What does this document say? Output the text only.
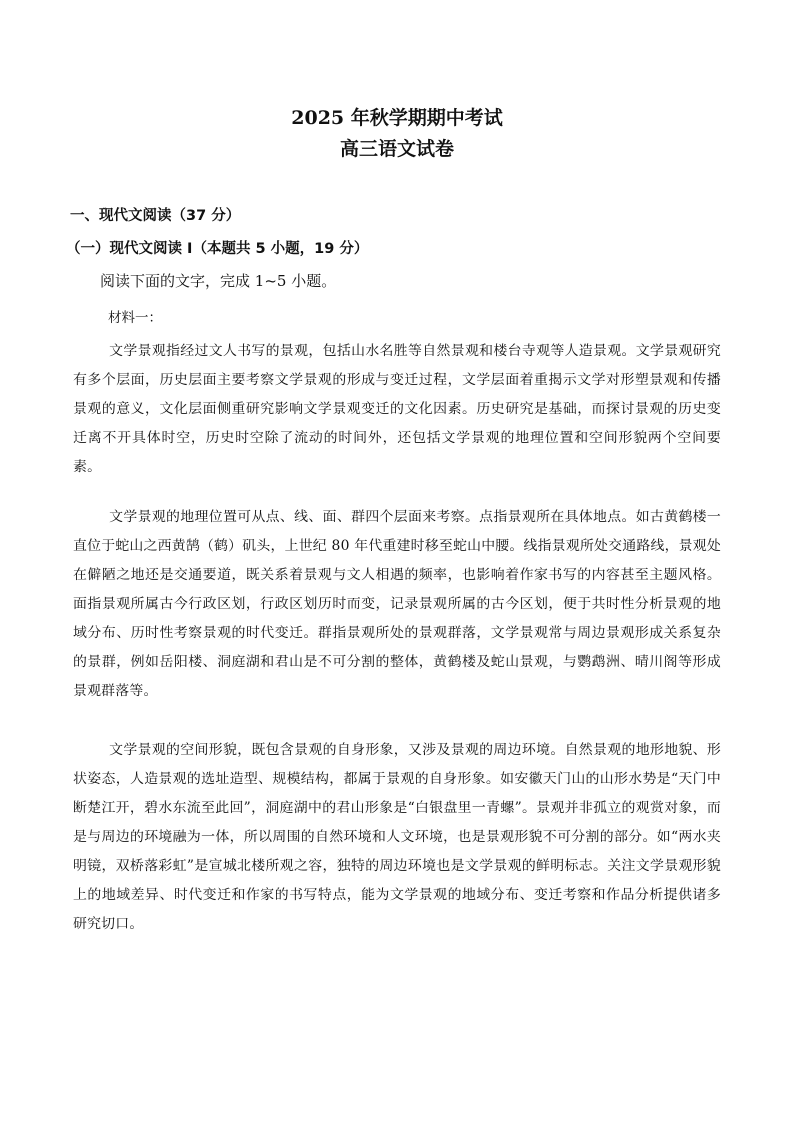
2025 年秋学期期中考试
高三语文试卷
一、现代文阅读（37 分）
（一）现代文阅读 I（本题共 5 小题，19 分）

阅读下面的文字，完成 1~5 小题。

材料一：

文学景观指经过文人书写的景观，包括山水名胜等自然景观和楼台寺观等人造景观。文学景观研究有多个层面，历史层面主要考察文学景观的形成与变迁过程，文学层面着重揭示文学对形塑景观和传播景观的意义，文化层面侧重研究影响文学景观变迁的文化因素。历史研究是基础，而探讨景观的历史变迁离不开具体时空，历史时空除了流动的时间外，还包括文学景观的地理位置和空间形貌两个空间要素。

文学景观的地理位置可从点、线、面、群四个层面来考察。点指景观所在具体地点。如古黄鹤楼一直位于蛇山之西黄鹄（鹤）矶头，上世纪 80 年代重建时移至蛇山中腰。线指景观所处交通路线，景观处在僻陋之地还是交通要道，既关系着景观与文人相遇的频率，也影响着作家书写的内容甚至主题风格。面指景观所属古今行政区划，行政区划历时而变，记录景观所属的古今区划，便于共时性分析景观的地域分布、历时性考察景观的时代变迁。群指景观所处的景观群落，文学景观常与周边景观形成关系复杂的景群，例如岳阳楼、洞庭湖和君山是不可分割的整体，黄鹤楼及蛇山景观，与鹦鹉洲、晴川阁等形成景观群落等。

文学景观的空间形貌，既包含景观的自身形象，又涉及景观的周边环境。自然景观的地形地貌、形状姿态，人造景观的选址造型、规模结构，都属于景观的自身形象。如安徽天门山的山形水势是“天门中断楚江开，碧水东流至此回”，洞庭湖中的君山形象是“白银盘里一青螺”。景观并非孤立的观赏对象，而是与周边的环境融为一体，所以周围的自然环境和人文环境，也是景观形貌不可分割的部分。如“两水夹明镜，双桥落彩虹”是宣城北楼所观之容，独特的周边环境也是文学景观的鲜明标志。关注文学景观形貌上的地域差异、时代变迁和作家的书写特点，能为文学景观的地域分布、变迁考察和作品分析提供诸多研究切口。
